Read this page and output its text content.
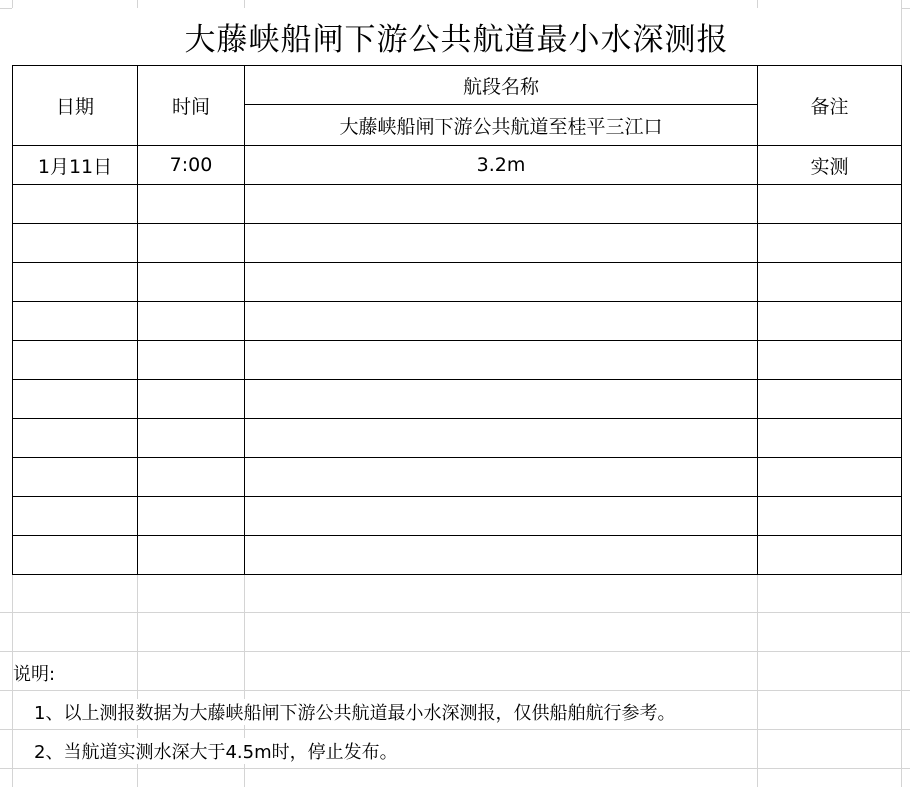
大藤峡船闸下游公共航道最小水深测报
日期	时间	航段名称	备注
		大藤峡船闸下游公共航道至桂平三江口	
1月11日	7:00	3.2m	实测

说明:
1、以上测报数据为大藤峡船闸下游公共航道最小水深测报，仅供船舶航行参考。
2、当航道实测水深大于4.5m时，停止发布。
